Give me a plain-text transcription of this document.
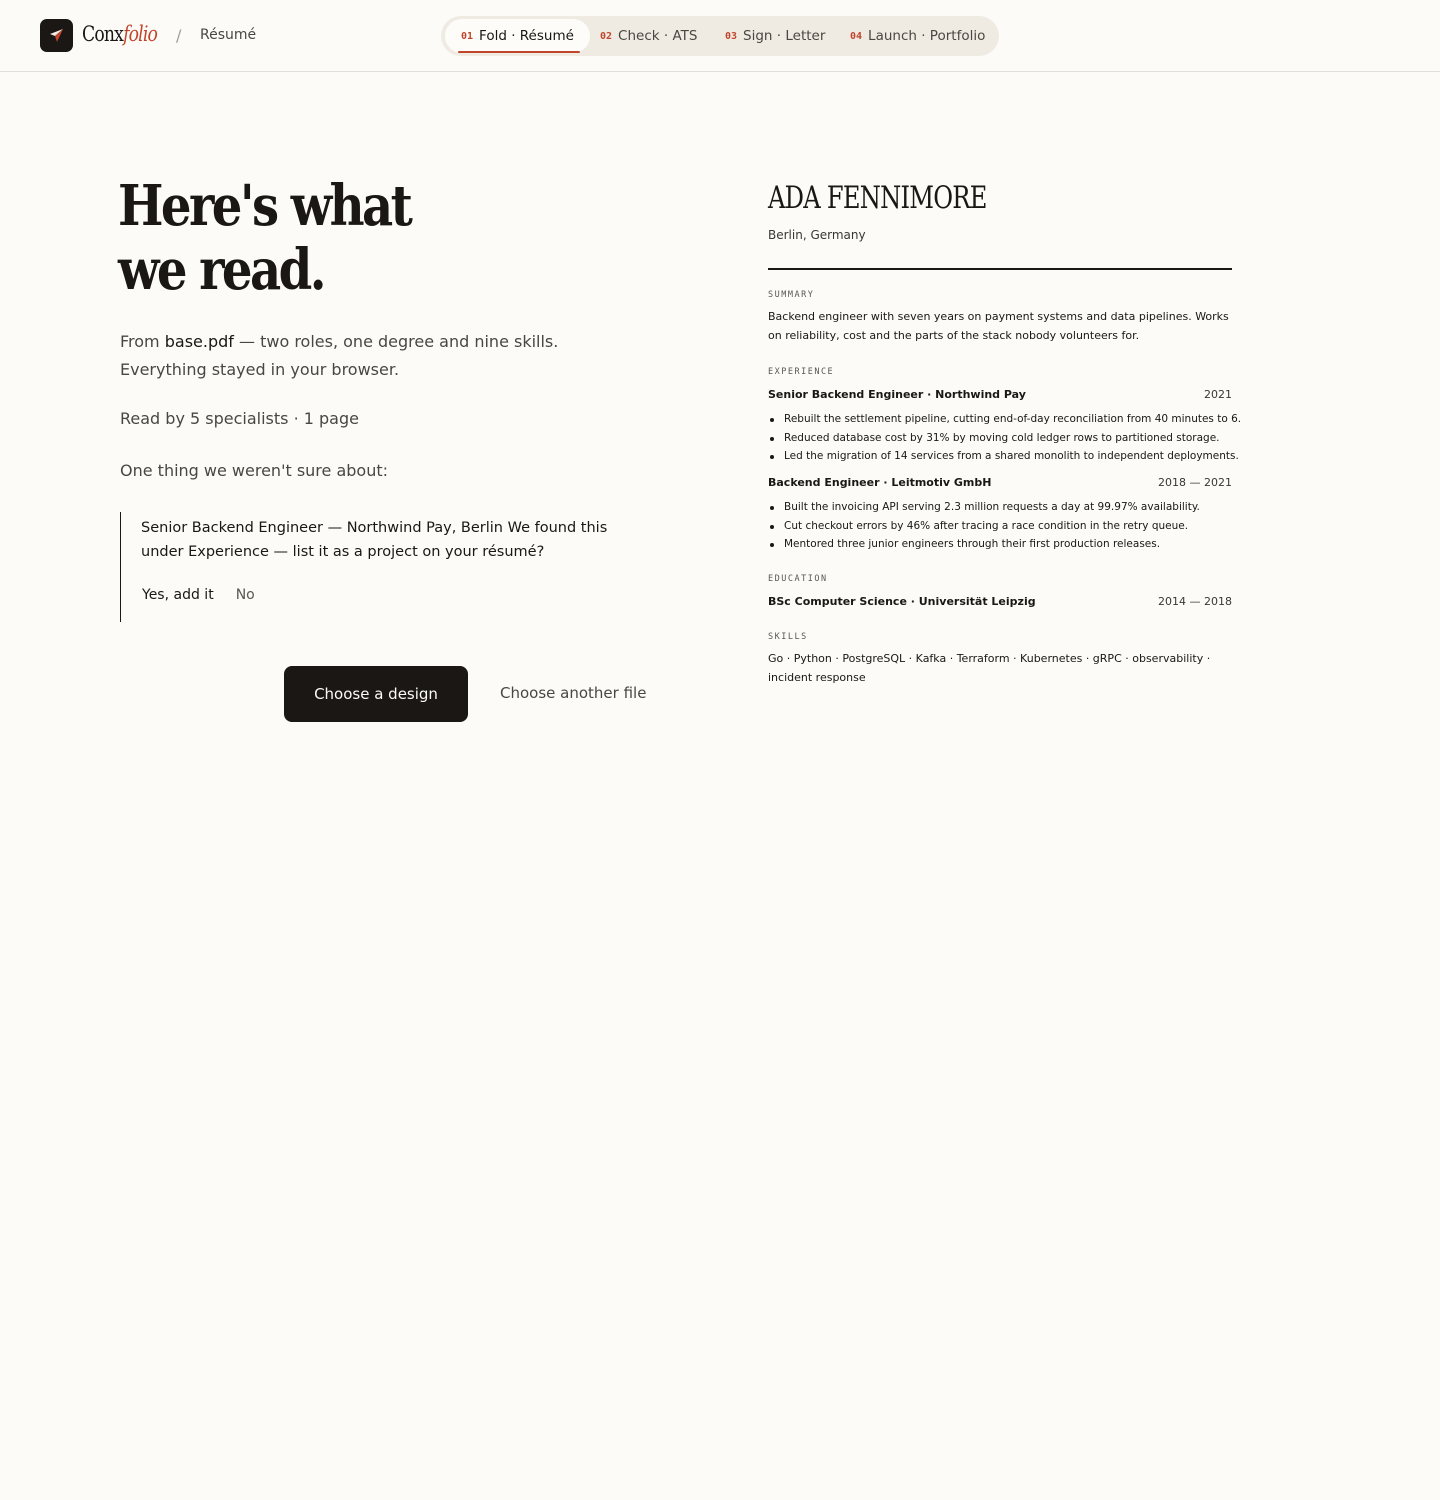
Conxfolio / Résumé	01 Fold · Résumé	02 Check · ATS	03 Sign · Letter 04 Launch · Portfolio
Here's what
we read.
From base.pdf — two roles, one degree and nine skills.
Everything stayed in your browser.
Read by 5 specialists · 1 page
One thing we weren't sure about:
Senior Backend Engineer — Northwind Pay, Berlin We found this under Experience — list it as a project on your résumé?
Yes, add it No
Choose a design	Choose another file
ADA FENNIMORE
Berlin, Germany
SUMMARY
Backend engineer with seven years on payment systems and data pipelines. Works on reliability, cost and the parts of the stack nobody volunteers for.
EXPERIENCE
Senior Backend Engineer · Northwind Pay	2021
Rebuilt the settlement pipeline, cutting end-of-day reconciliation from 40 minutes to 6.
Reduced database cost by 31% by moving cold ledger rows to partitioned storage.
Led the migration of 14 services from a shared monolith to independent deployments.
Backend Engineer · Leitmotiv GmbH	2018 — 2021
Built the invoicing API serving 2.3 million requests a day at 99.97% availability.
Cut checkout errors by 46% after tracing a race condition in the retry queue.
Mentored three junior engineers through their first production releases.
EDUCATION
BSc Computer Science · Universität Leipzig	2014 — 2018
SKILLS
Go · Python · PostgreSQL · Kafka · Terraform · Kubernetes · gRPC · observability · incident response
